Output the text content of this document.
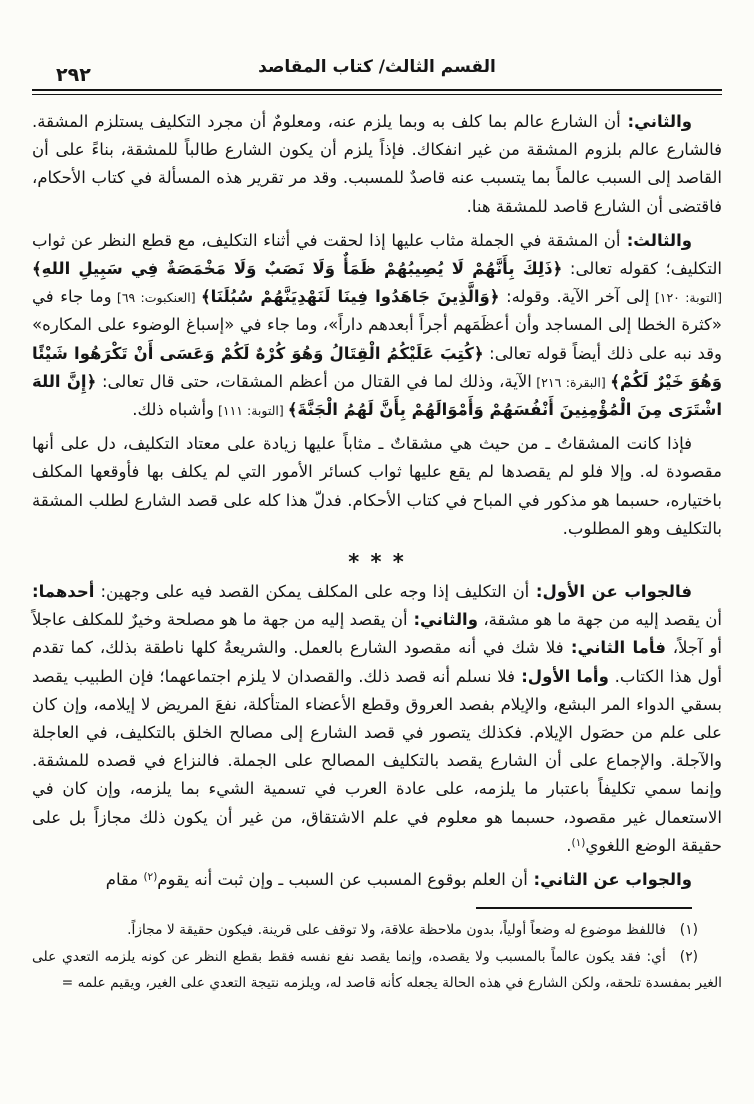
القسم الثالث/ كتاب المقاصد
٢٩٢

والثاني: أن الشارع عالم بما كلف به وبما يلزم عنه، ومعلومٌ أن مجرد التكليف يستلزم المشقة. فالشارع عالم بلزوم المشقة من غير انفكاك. فإذاً يلزم أن يكون الشارع طالباً للمشقة، بناءً على أن القاصد إلى السبب عالماً بما يتسبب عنه قاصدٌ للمسبب. وقد مر تقرير هذه المسألة في كتاب الأحكام، فاقتضى أن الشارع قاصد للمشقة هنا.

والثالث: أن المشقة في الجملة مثاب عليها إذا لحقت في أثناء التكليف، مع قطع النظر عن ثواب التكليف؛ كقوله تعالى: ﴿ذَلِكَ بِأَنَّهُمْ لَا يُصِيبُهُمْ ظَمَأٌ وَلَا نَصَبٌ وَلَا مَخْمَصَةٌ فِي سَبِيلِ اللهِ﴾ [التوبة: ١٢٠] إلى آخر الآية. وقوله: ﴿وَالَّذِينَ جَاهَدُوا فِينَا لَنَهْدِيَنَّهُمْ سُبُلَنَا﴾ [العنكبوت: ٦٩] وما جاء في «كثرة الخطا إلى المساجد وأن أعظَمَهم أجراً أبعدهم داراً»، وما جاء في «إسباغ الوضوء على المكاره» وقد نبه على ذلك أيضاً قوله تعالى: ﴿كُتِبَ عَلَيْكُمُ الْقِتَالُ وَهُوَ كُرْهٌ لَكُمْ وَعَسَى أَنْ تَكْرَهُوا شَيْئًا وَهُوَ خَيْرٌ لَكُمْ﴾ [البقرة: ٢١٦] الآية، وذلك لما في القتال من أعظم المشقات، حتى قال تعالى: ﴿إِنَّ اللهَ اشْتَرَى مِنَ الْمُؤْمِنِينَ أَنْفُسَهُمْ وَأَمْوَالَهُمْ بِأَنَّ لَهُمُ الْجَنَّةَ﴾ [التوبة: ١١١] وأشباه ذلك.

فإذا كانت المشقاتُ ـ من حيث هي مشقاتٌ ـ مثاباً عليها زيادة على معتاد التكليف، دل على أنها مقصودة له. وإلا فلو لم يقصدها لم يقع عليها ثواب كسائر الأمور التي لم يكلف بها فأوقعها المكلف باختياره، حسبما هو مذكور في المباح في كتاب الأحكام. فدلّ هذا كله على قصد الشارع لطلب المشقة بالتكليف وهو المطلوب.

* * *

فالجواب عن الأول: أن التكليف إذا وجه على المكلف يمكن القصد فيه على وجهين: أحدهما: أن يقصد إليه من جهة ما هو مشقة، والثاني: أن يقصد إليه من جهة ما هو مصلحة وخيرٌ للمكلف عاجلاً أو آجلاً، فأما الثاني: فلا شك في أنه مقصود الشارع بالعمل. والشريعةُ كلها ناطقة بذلك، كما تقدم أول هذا الكتاب. وأما الأول: فلا نسلم أنه قصد ذلك. والقصدان لا يلزم اجتماعهما؛ فإن الطبيب يقصد بسقي الدواء المر البشع، والإيلام بفصد العروق وقطع الأعضاء المتأكلة، نفعَ المريض لا إيلامه، وإن كان على علم من حصَول الإيلام. فكذلك يتصور في قصد الشارع إلى مصالح الخلق بالتكليف، في العاجلة والآجلة. والإجماع على أن الشارع يقصد بالتكليف المصالح على الجملة. فالنزاع في قصده للمشقة. وإنما سمي تكليفاً باعتبار ما يلزمه، على عادة العرب في تسمية الشيء بما يلزمه، وإن كان في الاستعمال غير مقصود، حسبما هو معلوم في علم الاشتقاق، من غير أن يكون ذلك مجازاً بل على حقيقة الوضع اللغوي$^{(١)}$.

والجواب عن الثاني: أن العلم بوقوع المسبب عن السبب ـ وإن ثبت أنه يقوم$^{(٢)}$ مقام

(١)فاللفظ موضوع له وضعاً أولياً، بدون ملاحظة علاقة، ولا توقف على قرينة. فيكون حقيقة لا مجازاً.

(٢)أي: فقد يكون عالماً بالمسبب ولا يقصده، وإنما يقصد نفع نفسه فقط بقطع النظر عن كونه يلزمه التعدي على الغير بمفسدة تلحقه، ولكن الشارع في هذه الحالة يجعله كأنه قاصد له، ويلزمه نتيجة التعدي على الغير، ويقيم علمه =
